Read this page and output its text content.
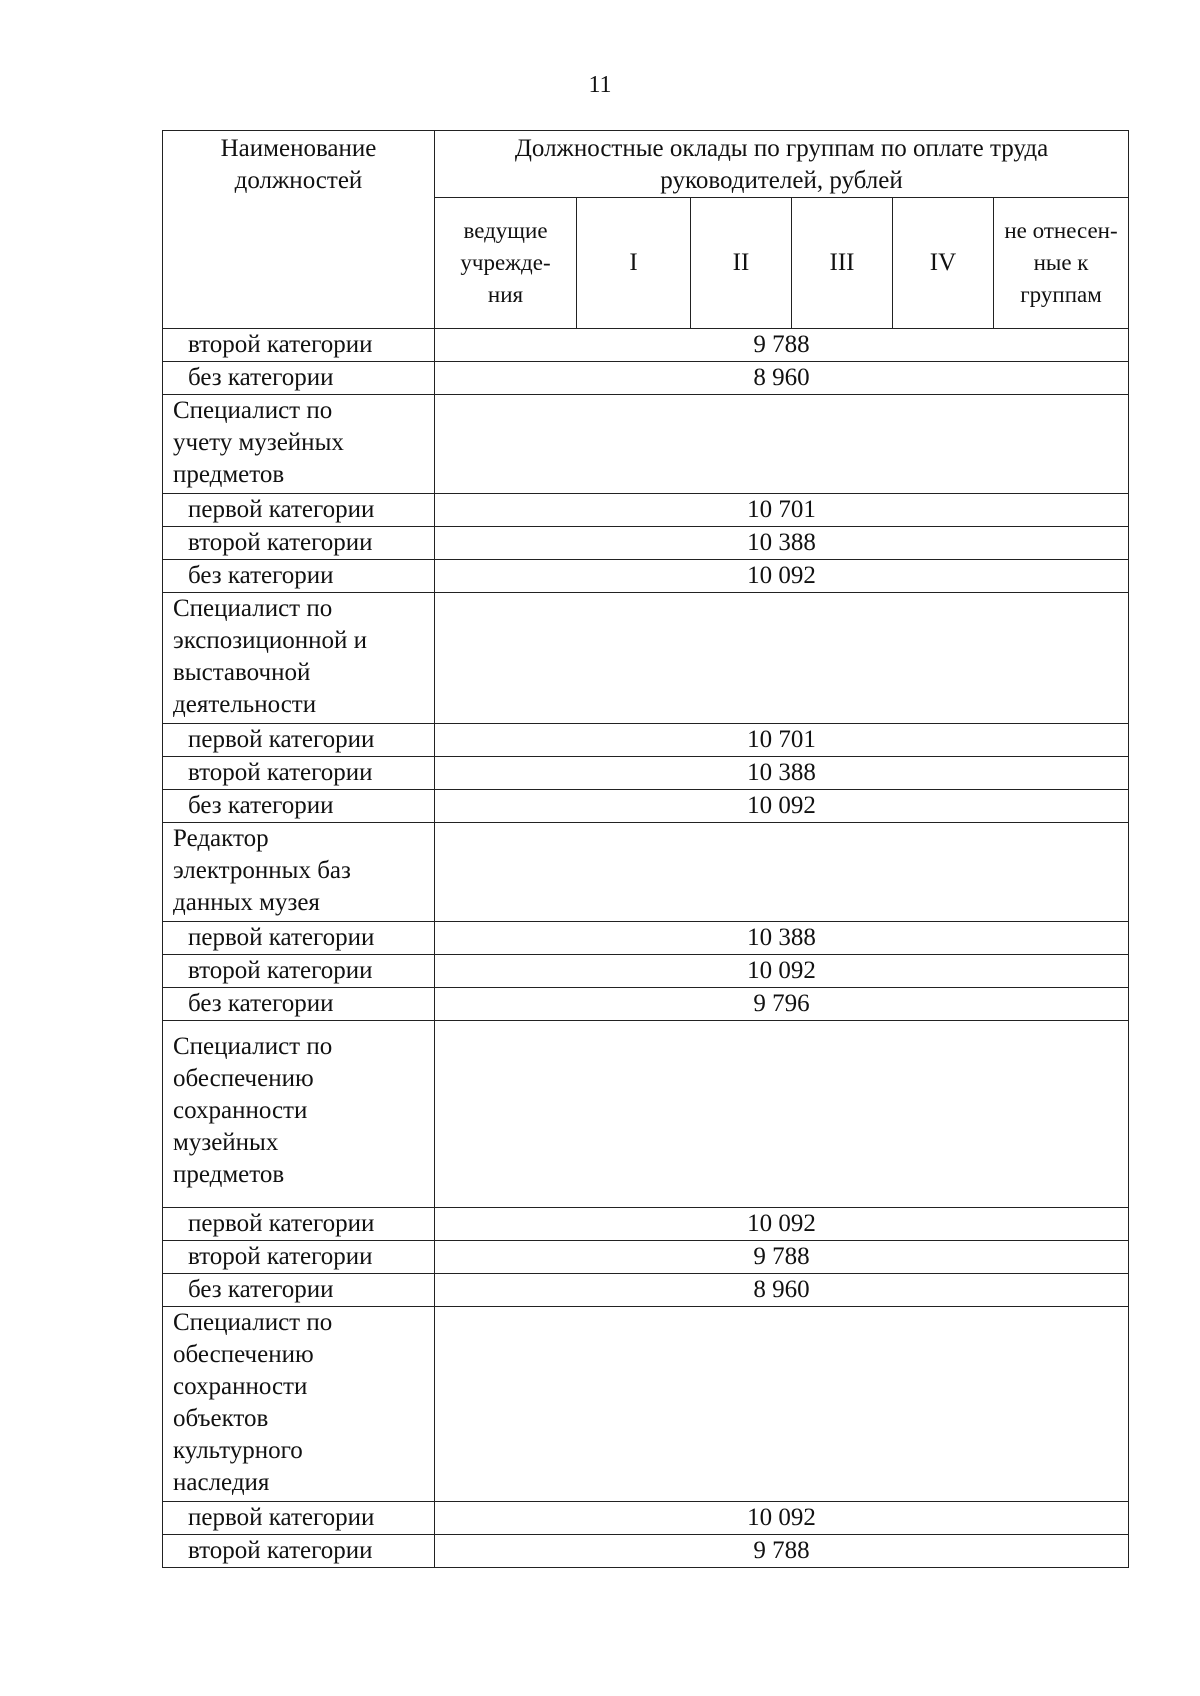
11
Наименование должностей	Должностные оклады по группам по оплате труда руководителей, рублей					

	ведущие учрежде-ния	I	II	III	IV	не отнесен-ные к группам

второй категории	9 788					
без категории	8 960					

Специалист по учету музейных предметов						

первой категории	10 701					
второй категории	10 388					
без категории	10 092					

Специалист по экспозиционной и выставочной деятельности						

первой категории	10 701					
второй категории	10 388					
без категории	10 092					

Редактор электронных баз данных музея						

первой категории	10 388					
второй категории	10 092					
без категории	9 796					

Специалист по обеспечению сохранности музейных предметов						

первой категории	10 092					
второй категории	9 788					
без категории	8 960					

Специалист по обеспечению сохранности объектов культурного наследия						

первой категории	10 092					
второй категории	9 788					
